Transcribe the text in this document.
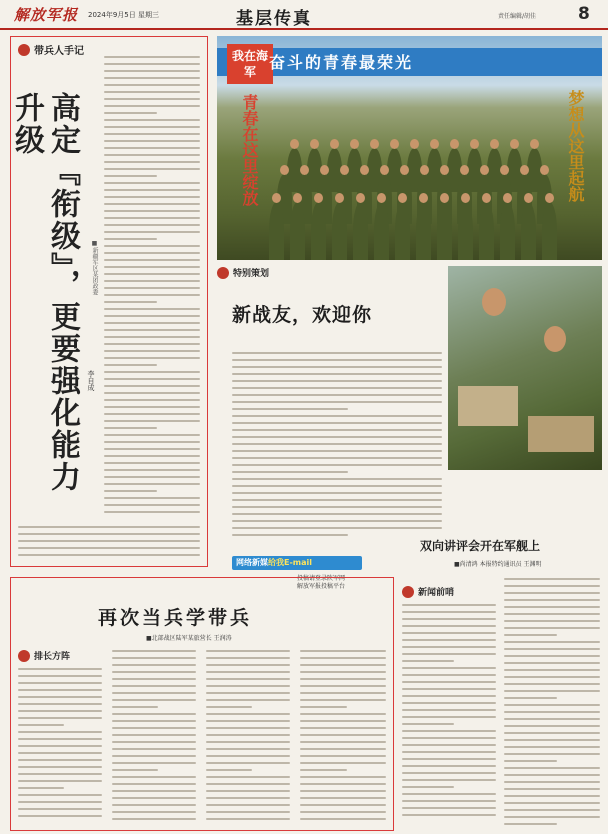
解放军报 2024年9月5日 星期三	基层传真	责任编辑/胡佳 8
带兵人手记
高定『衔级』，更要强化能力升级
■新疆军区某团政委
李自成
我在海军 奋斗的青春最荣光
青春在这里绽放	梦想从这里起航
特别策划
新战友，欢迎你
网络新媒给我E-mail
投稿请登录陕军网
解放军报投稿平台
双向讲评会开在军舰上
■尚清鸿 本报特约通讯员 王渊明
再次当兵学带兵
■北部战区陆军某旅营长 王润涛
排长方阵
新闻前哨
